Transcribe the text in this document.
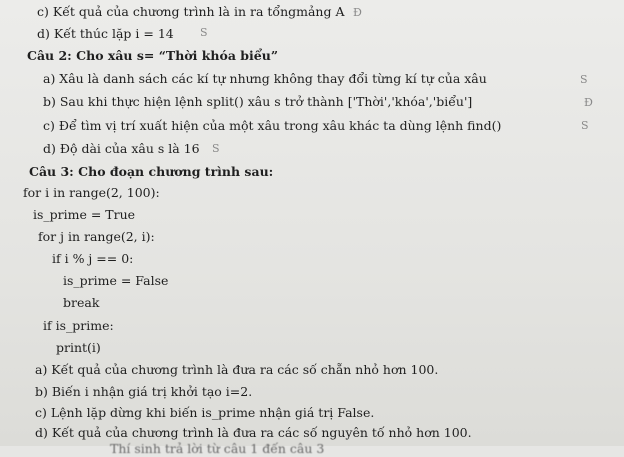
c) Kết quả của chương trình là in ra tổngmảng A
d) Kết thúc lặp i = 14
Câu 2: Cho xâu s= “Thời khóa biểu”
a) Xâu là danh sách các kí tự nhưng không thay đổi từng kí tự của xâu
b) Sau khi thực hiện lệnh split() xâu s trở thành ['Thời','khóa','biểu']
c) Để tìm vị trí xuất hiện của một xâu trong xâu khác ta dùng lệnh find()
d) Độ dài của xâu s là 16
Câu 3: Cho đoạn chương trình sau:
for i in range(2, 100):
is_prime = True
for j in range(2, i):
if i % j == 0:
is_prime = False
break
if is_prime:
print(i)
a) Kết quả của chương trình là đưa ra các số chẵn nhỏ hơn 100.
b) Biến i nhận giá trị khởi tạo i=2.
c) Lệnh lặp dừng khi biến is_prime nhận giá trị False.
d) Kết quả của chương trình là đưa ra các số nguyên tố nhỏ hơn 100.
Thí sinh trả lời từ câu 1 đến câu 3
Đ
S
S
Đ
S
S
